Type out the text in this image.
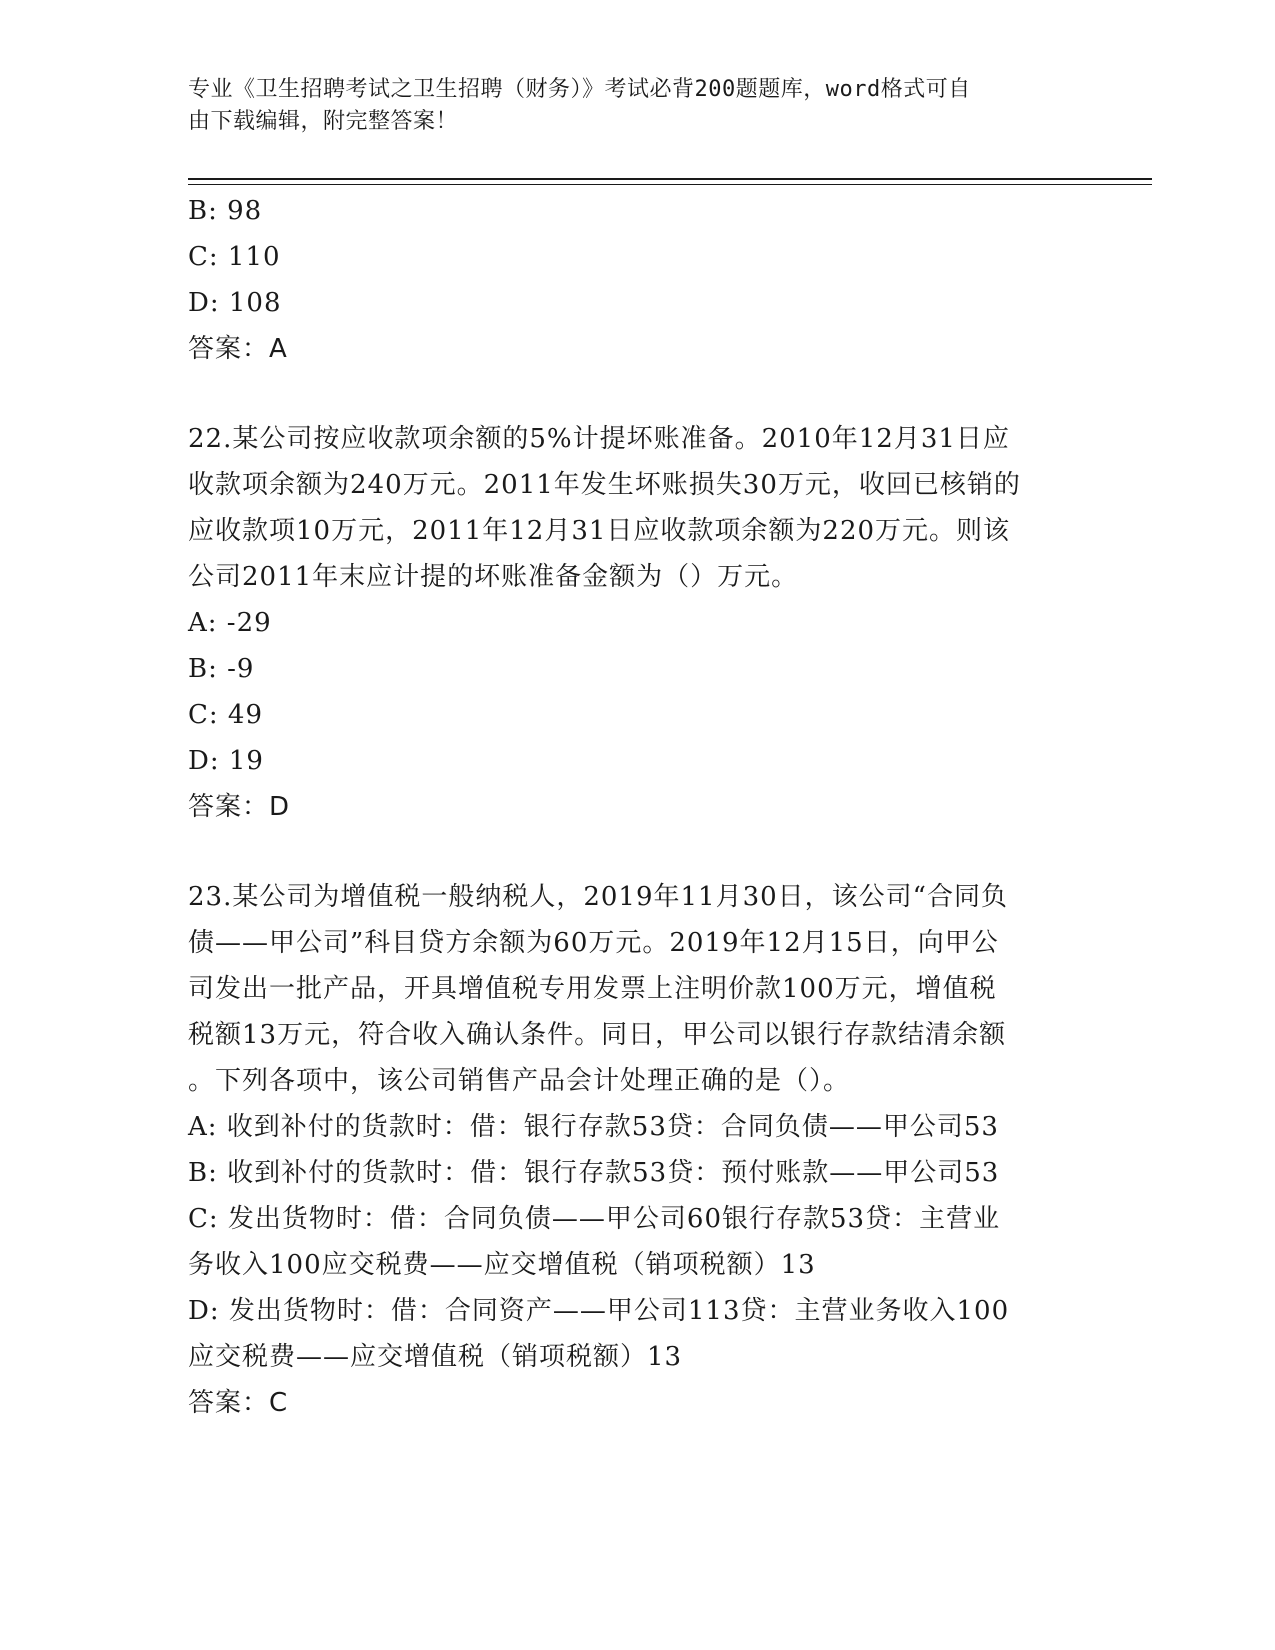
专业《卫生招聘考试之卫生招聘（财务）》考试必背200题题库，word格式可自
由下载编辑，附完整答案！
B: 98
C: 110
D: 108
答案：A
22.某公司按应收款项余额的5%计提坏账准备。2010年12月31日应
收款项余额为240万元。2011年发生坏账损失30万元，收回已核销的
应收款项10万元，2011年12月31日应收款项余额为220万元。则该
公司2011年末应计提的坏账准备金额为（）万元。
A: -29
B: -9
C: 49
D: 19
答案：D
23.某公司为增值税一般纳税人，2019年11月30日，该公司“合同负
债——甲公司”科目贷方余额为60万元。2019年12月15日，向甲公
司发出一批产品，开具增值税专用发票上注明价款100万元，增值税
税额13万元，符合收入确认条件。同日，甲公司以银行存款结清余额
。下列各项中，该公司销售产品会计处理正确的是（）。
A: 收到补付的货款时：借：银行存款53贷：合同负债——甲公司53
B: 收到补付的货款时：借：银行存款53贷：预付账款——甲公司53
C: 发出货物时：借：合同负债——甲公司60银行存款53贷：主营业
务收入100应交税费——应交增值税（销项税额）13
D: 发出货物时：借：合同资产——甲公司113贷：主营业务收入100
应交税费——应交增值税（销项税额）13
答案：C
